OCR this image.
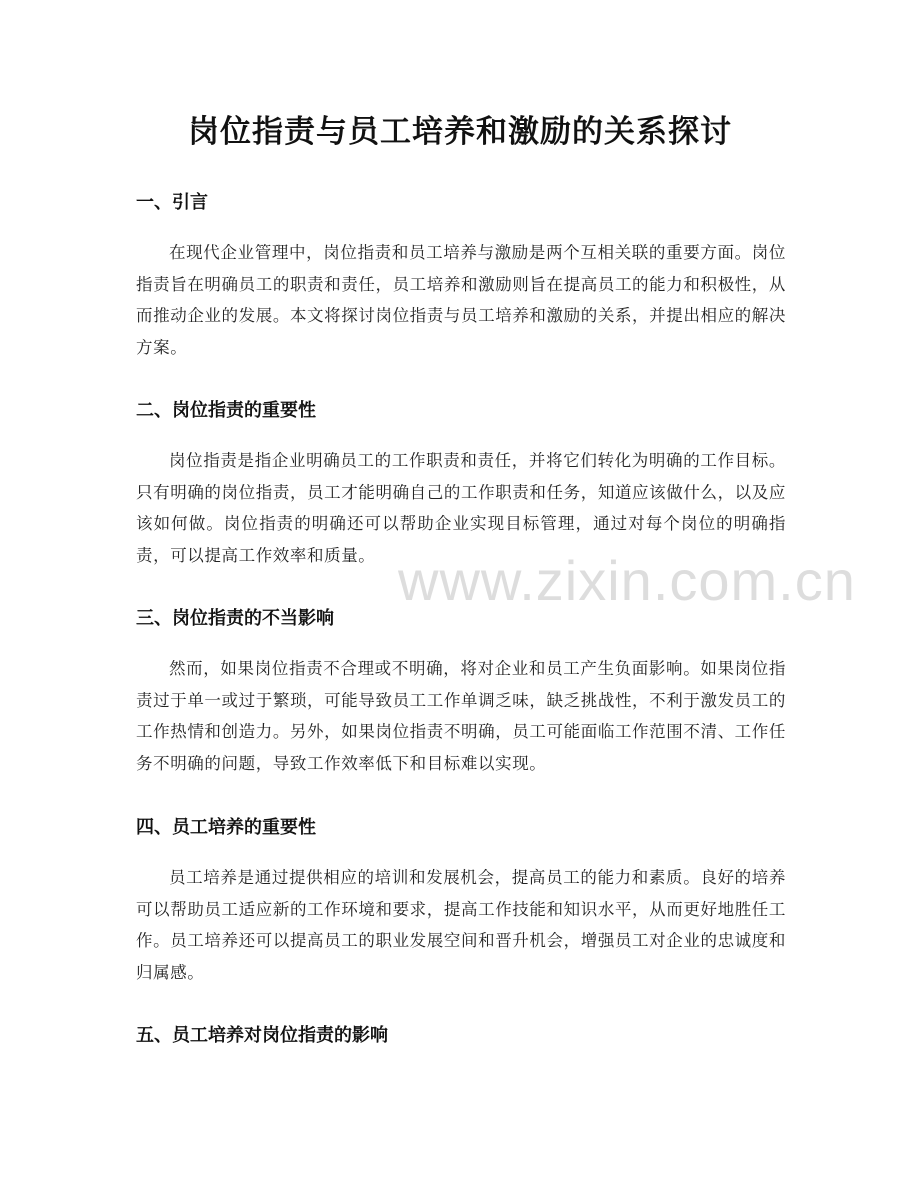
岗位指责与员工培养和激励的关系探讨
一、引言

在现代企业管理中，岗位指责和员工培养与激励是两个互相关联的重要方面。岗位指责旨在明确员工的职责和责任，员工培养和激励则旨在提高员工的能力和积极性，从而推动企业的发展。本文将探讨岗位指责与员工培养和激励的关系，并提出相应的解决方案。

二、岗位指责的重要性

岗位指责是指企业明确员工的工作职责和责任，并将它们转化为明确的工作目标。只有明确的岗位指责，员工才能明确自己的工作职责和任务，知道应该做什么，以及应该如何做。岗位指责的明确还可以帮助企业实现目标管理，通过对每个岗位的明确指责，可以提高工作效率和质量。

三、岗位指责的不当影响

然而，如果岗位指责不合理或不明确，将对企业和员工产生负面影响。如果岗位指责过于单一或过于繁琐，可能导致员工工作单调乏味，缺乏挑战性，不利于激发员工的工作热情和创造力。另外，如果岗位指责不明确，员工可能面临工作范围不清、工作任务不明确的问题，导致工作效率低下和目标难以实现。

四、员工培养的重要性

员工培养是通过提供相应的培训和发展机会，提高员工的能力和素质。良好的培养可以帮助员工适应新的工作环境和要求，提高工作技能和知识水平，从而更好地胜任工作。员工培养还可以提高员工的职业发展空间和晋升机会，增强员工对企业的忠诚度和归属感。

五、员工培养对岗位指责的影响
www.zixin.com.cn
